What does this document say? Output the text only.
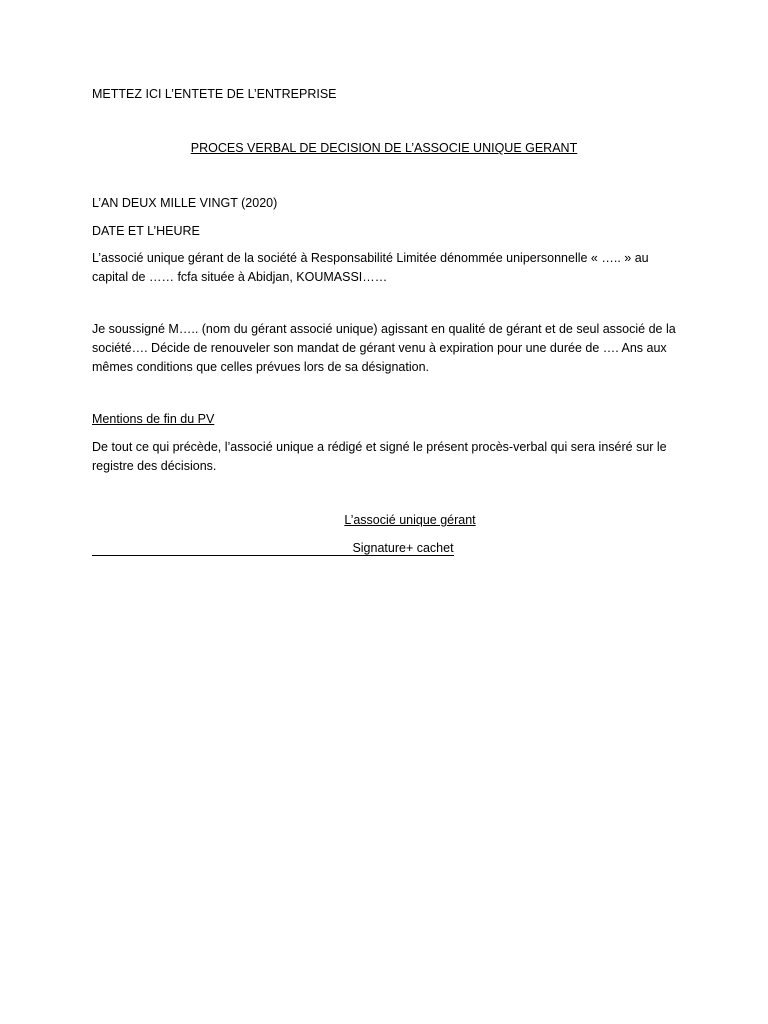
METTEZ ICI L’ENTETE DE L’ENTREPRISE
PROCES VERBAL DE DECISION DE L’ASSOCIE UNIQUE GERANT
L’AN DEUX MILLE VINGT (2020)
DATE ET L’HEURE
L’associé unique gérant de la société à Responsabilité Limitée dénommée unipersonnelle « ….. » au capital de …… fcfa située à Abidjan, KOUMASSI……
Je soussigné M….. (nom du gérant associé unique) agissant en qualité de gérant et de seul associé de la société…. Décide de renouveler son mandat de gérant venu à expiration pour une durée de …. Ans aux mêmes conditions que celles prévues lors de sa désignation.
Mentions de fin du PV
De tout ce qui précède, l’associé unique a rédigé et signé le présent procès-verbal qui sera inséré sur le registre des décisions.
L’associé unique gérant
Signature+ cachet
